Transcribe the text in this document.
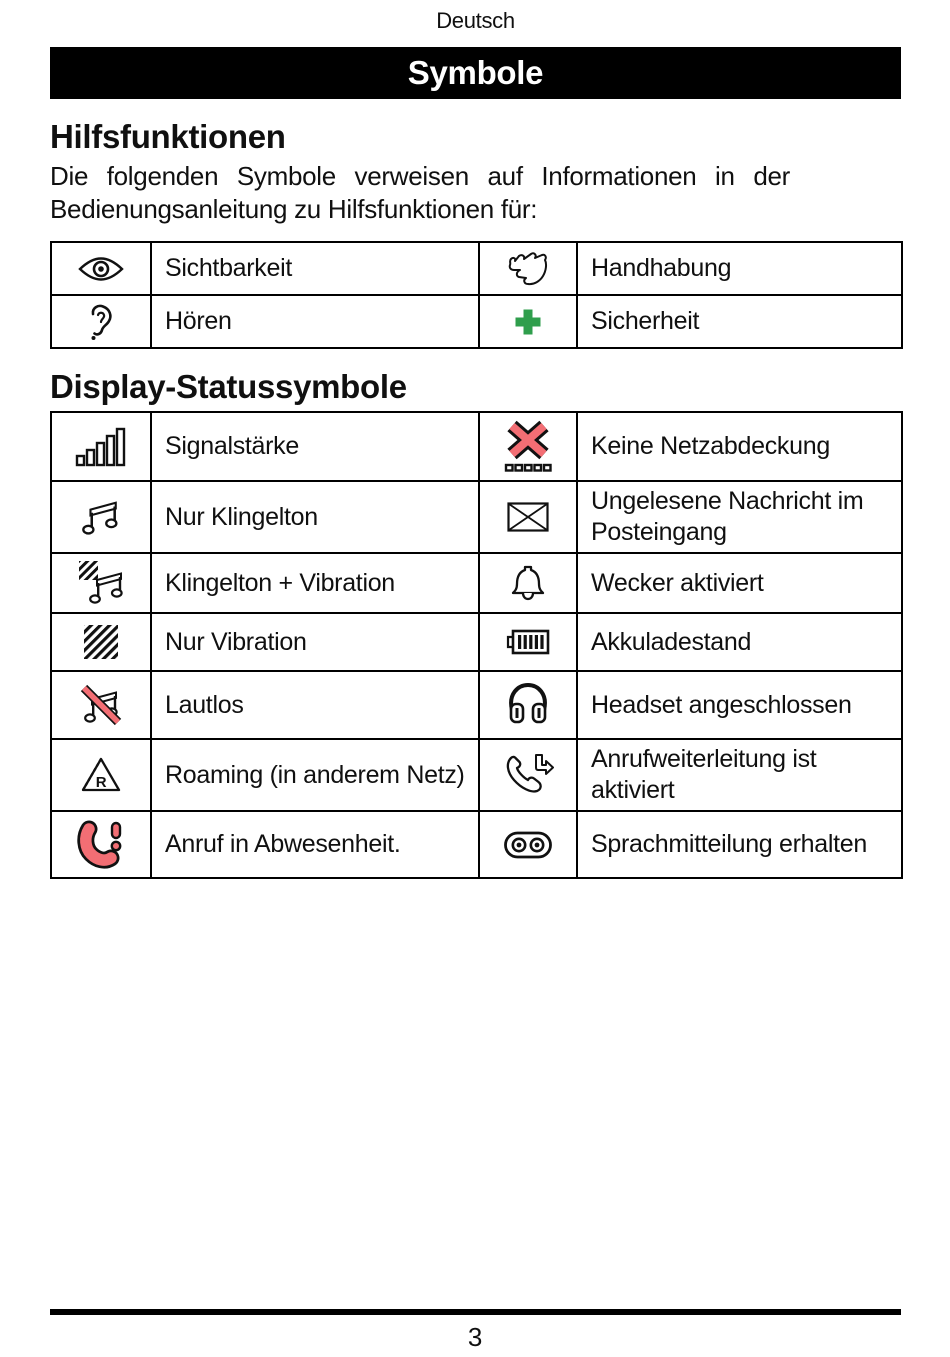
Deutsch
Symbole
Hilfsfunktionen

Die folgenden Symbole verweisen auf Informationen in der Bedienungsanleitung zu Hilfsfunktionen für:

	Sichtbarkeit		Handhabung

	Hören		Sicherheit
Display-Statussymbole
	Signalstärke		Keine Netzabdeckung

	Nur Klingelton		Ungelesene Nachricht im Posteingang

	Klingelton + Vibration		Wecker aktiviert

	Nur Vibration		Akkuladestand

	Lautlos		Headset angeschlossen

R	Roaming (in anderem Netz)		Anrufweiterleitung ist aktiviert

	Anruf in Abwesenheit.		Sprachmitteilung erhalten
3
